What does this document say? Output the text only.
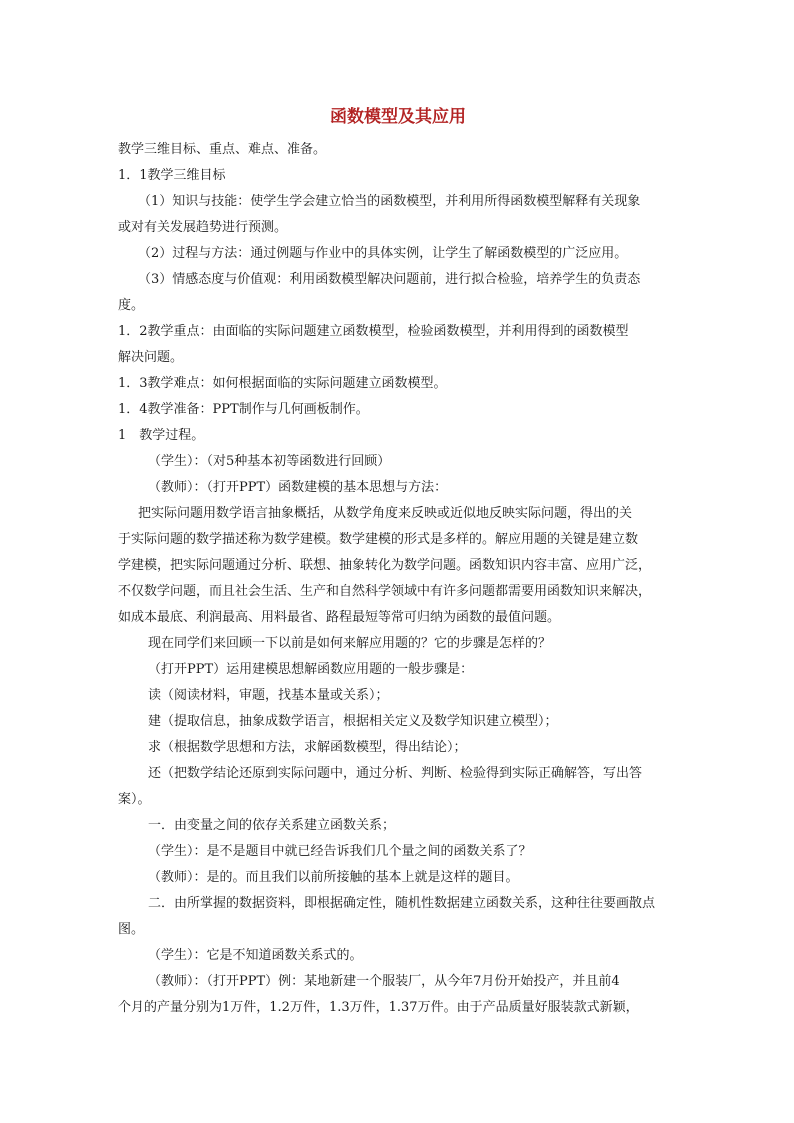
函数模型及其应用
教学三维目标、重点、难点、准备。
1．1教学三维目标
（1）知识与技能：使学生学会建立恰当的函数模型，并利用所得函数模型解释有关现象
或对有关发展趋势进行预测。
（2）过程与方法：通过例题与作业中的具体实例，让学生了解函数模型的广泛应用。
（3）情感态度与价值观：利用函数模型解决问题前，进行拟合检验，培养学生的负责态
度。
1．2教学重点：由面临的实际问题建立函数模型，检验函数模型，并利用得到的函数模型
解决问题。
1．3教学难点：如何根据面临的实际问题建立函数模型。
1．4教学准备：PPT制作与几何画板制作。
1　教学过程。
（学生）：（对5种基本初等函数进行回顾）
（教师）：（打开PPT）函数建模的基本思想与方法：
把实际问题用数学语言抽象概括，从数学角度来反映或近似地反映实际问题，得出的关
于实际问题的数学描述称为数学建模。数学建模的形式是多样的。解应用题的关键是建立数
学建模，把实际问题通过分析、联想、抽象转化为数学问题。函数知识内容丰富、应用广泛，
不仅数学问题，而且社会生活、生产和自然科学领域中有许多问题都需要用函数知识来解决，
如成本最底、利润最高、用料最省、路程最短等常可归纳为函数的最值问题。
现在同学们来回顾一下以前是如何来解应用题的？它的步骤是怎样的？
（打开PPT）运用建模思想解函数应用题的一般步骤是：
读（阅读材料，审题，找基本量或关系）；
建（提取信息，抽象成数学语言，根据相关定义及数学知识建立模型）；
求（根据数学思想和方法，求解函数模型，得出结论）；
还（把数学结论还原到实际问题中，通过分析、判断、检验得到实际正确解答，写出答
案）。
一．由变量之间的依存关系建立函数关系；
（学生）：是不是题目中就已经告诉我们几个量之间的函数关系了？
（教师）：是的。而且我们以前所接触的基本上就是这样的题目。
二．由所掌握的数据资料，即根据确定性，随机性数据建立函数关系，这种往往要画散点
图。
（学生）：它是不知道函数关系式的。
（教师）：（打开PPT）例：某地新建一个服装厂，从今年7月份开始投产，并且前4
个月的产量分别为1万件，1.2万件，1.3万件，1.37万件。由于产品质量好服装款式新颖，
